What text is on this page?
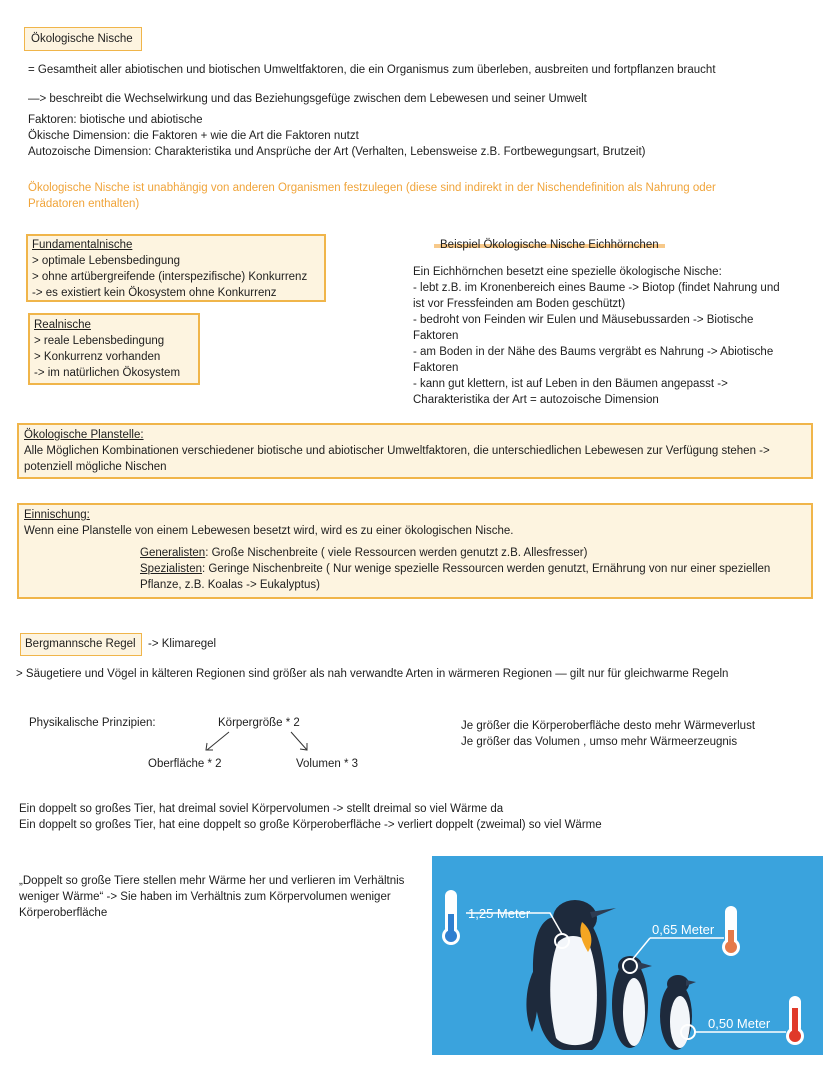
Ökologische Nische
= Gesamtheit aller abiotischen und biotischen Umweltfaktoren, die ein Organismus zum überleben, ausbreiten und fortpflanzen braucht
—> beschreibt die Wechselwirkung und das Beziehungsgefüge zwischen dem Lebewesen und seiner Umwelt
Faktoren: biotische und abiotische
Ökische Dimension: die Faktoren + wie die Art die Faktoren nutzt
Autozoische Dimension: Charakteristika und Ansprüche der Art (Verhalten, Lebensweise z.B. Fortbewegungsart, Brutzeit)
Ökologische Nische ist unabhängig von anderen Organismen festzulegen (diese sind indirekt in der Nischendefinition als Nahrung oder
Prädatoren enthalten)
Fundamentalnische
> optimale Lebensbedingung
> ohne artübergreifende (interspezifische) Konkurrenz
-> es existiert kein Ökosystem ohne Konkurrenz
Realnische
> reale Lebensbedingung
> Konkurrenz vorhanden
-> im natürlichen Ökosystem
Beispiel Ökologische Nische Eichhörnchen
Ein Eichhörnchen besetzt eine spezielle ökologische Nische:
- lebt z.B. im Kronenbereich eines Baume -> Biotop (findet Nahrung und
ist vor Fressfeinden am Boden geschützt)
- bedroht von Feinden wir Eulen und Mäusebussarden -> Biotische
Faktoren
- am Boden in der Nähe des Baums vergräbt es Nahrung -> Abiotische
Faktoren
- kann gut klettern, ist auf Leben in den Bäumen angepasst ->
Charakteristika der Art = autozoische Dimension
Ökologische Planstelle:
Alle Möglichen Kombinationen verschiedener biotische und abiotischer Umweltfaktoren, die unterschiedlichen Lebewesen zur Verfügung stehen ->
potenziell mögliche Nischen
Einnischung:
Wenn eine Planstelle von einem Lebewesen besetzt wird, wird es zu einer ökologischen Nische.
Generalisten: Große Nischenbreite ( viele Ressourcen werden genutzt z.B. Allesfresser)
Spezialisten: Geringe Nischenbreite ( Nur wenige spezielle Ressourcen werden genutzt, Ernährung von nur einer speziellen
Pflanze, z.B. Koalas -> Eukalyptus)
Bergmannsche Regel -> Klimaregel
> Säugetiere und Vögel in kälteren Regionen sind größer als nah verwandte Arten in wärmeren Regionen — gilt nur für gleichwarme Regeln
Physikalische Prinzipien:	Körpergröße * 2
Oberfläche * 2	Volumen * 3
Je größer die Körperoberfläche desto mehr Wärmeverlust
Je größer das Volumen , umso mehr Wärmeerzeugnis
Ein doppelt so großes Tier, hat dreimal soviel Körpervolumen -> stellt dreimal so viel Wärme da
Ein doppelt so großes Tier, hat eine doppelt so große Körperoberfläche -> verliert doppelt (zweimal) so viel Wärme
„Doppelt so große Tiere stellen mehr Wärme her und verlieren im Verhältnis
weniger Wärme“ -> Sie haben im Verhältnis zum Körpervolumen weniger
Körperoberfläche	1,25 Meter
0,65 Meter
0,50 Meter
